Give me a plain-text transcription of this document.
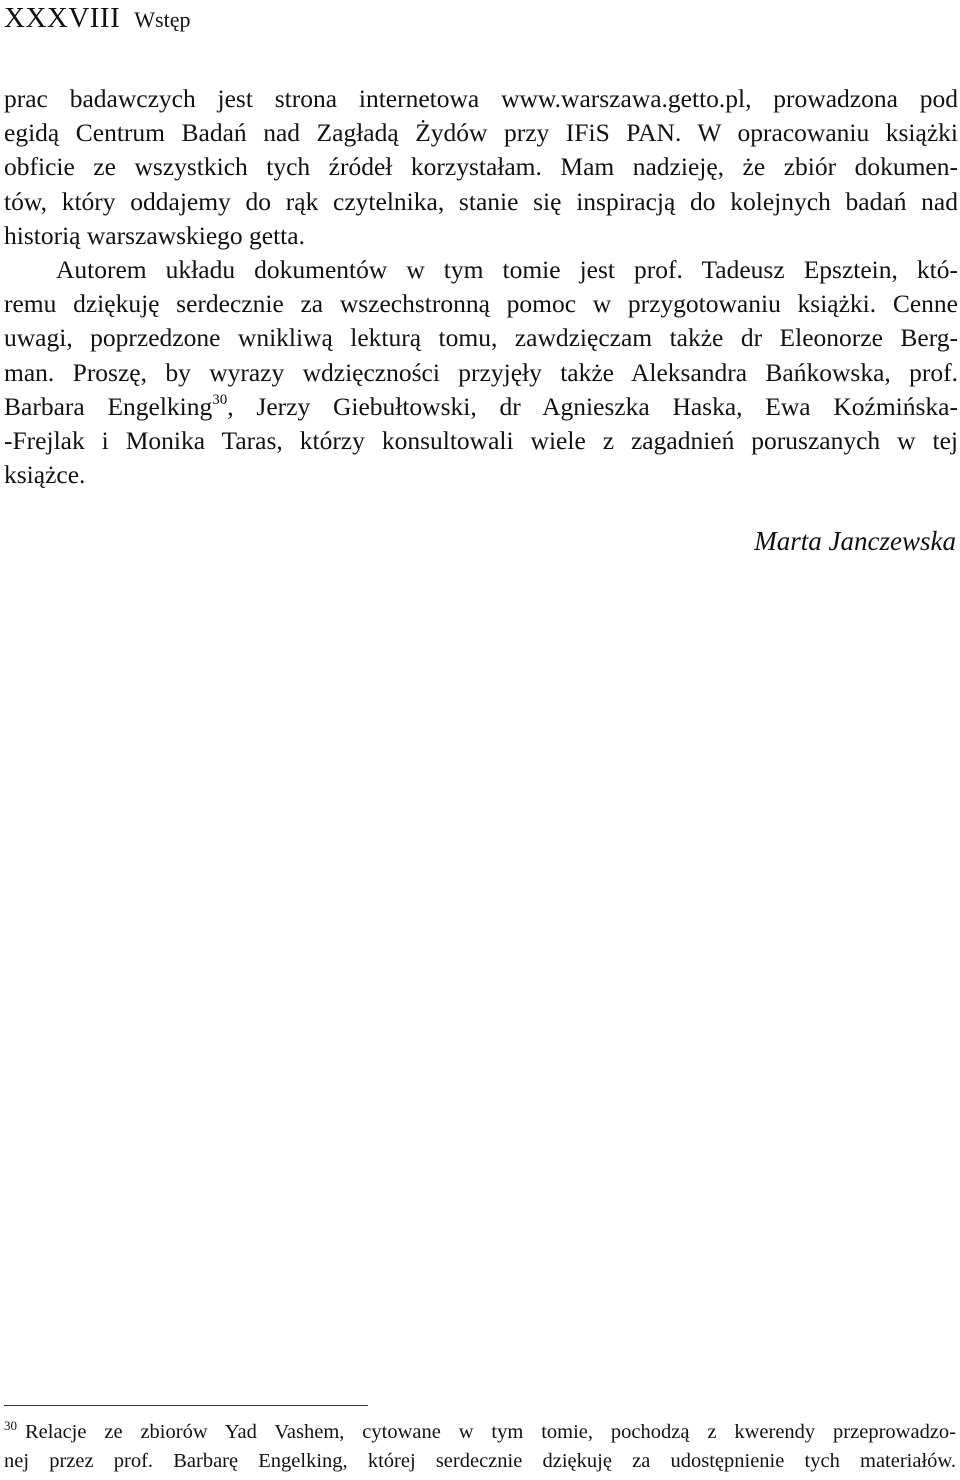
XXXVIII Wstęp
prac badawczych jest strona internetowa www.warszawa.getto.pl, prowadzona pod
egidą Centrum Badań nad Zagładą Żydów przy IFiS PAN. W opracowaniu książki
obficie ze wszystkich tych źródeł korzystałam. Mam nadzieję, że zbiór dokumen-
tów, który oddajemy do rąk czytelnika, stanie się inspiracją do kolejnych badań nad
historią warszawskiego getta.
Autorem układu dokumentów w tym tomie jest prof. Tadeusz Epsztein, któ-
remu dziękuję serdecznie za wszechstronną pomoc w przygotowaniu książki. Cenne
uwagi, poprzedzone wnikliwą lekturą tomu, zawdzięczam także dr Eleonorze Berg-
man. Proszę, by wyrazy wdzięczności przyjęły także Aleksandra Bańkowska, prof.
Barbara Engelking$^{30}$, Jerzy Giebułtowski, dr Agnieszka Haska, Ewa Koźmińska-
-Frejlak i Monika Taras, którzy konsultowali wiele z zagadnień poruszanych w tej
książce.
Marta Janczewska
$^{30}$ Relacje ze zbiorów Yad Vashem, cytowane w tym tomie, pochodzą z kwerendy przeprowadzo-
nej przez prof. Barbarę Engelking, której serdecznie dziękuję za udostępnienie tych materiałów.
